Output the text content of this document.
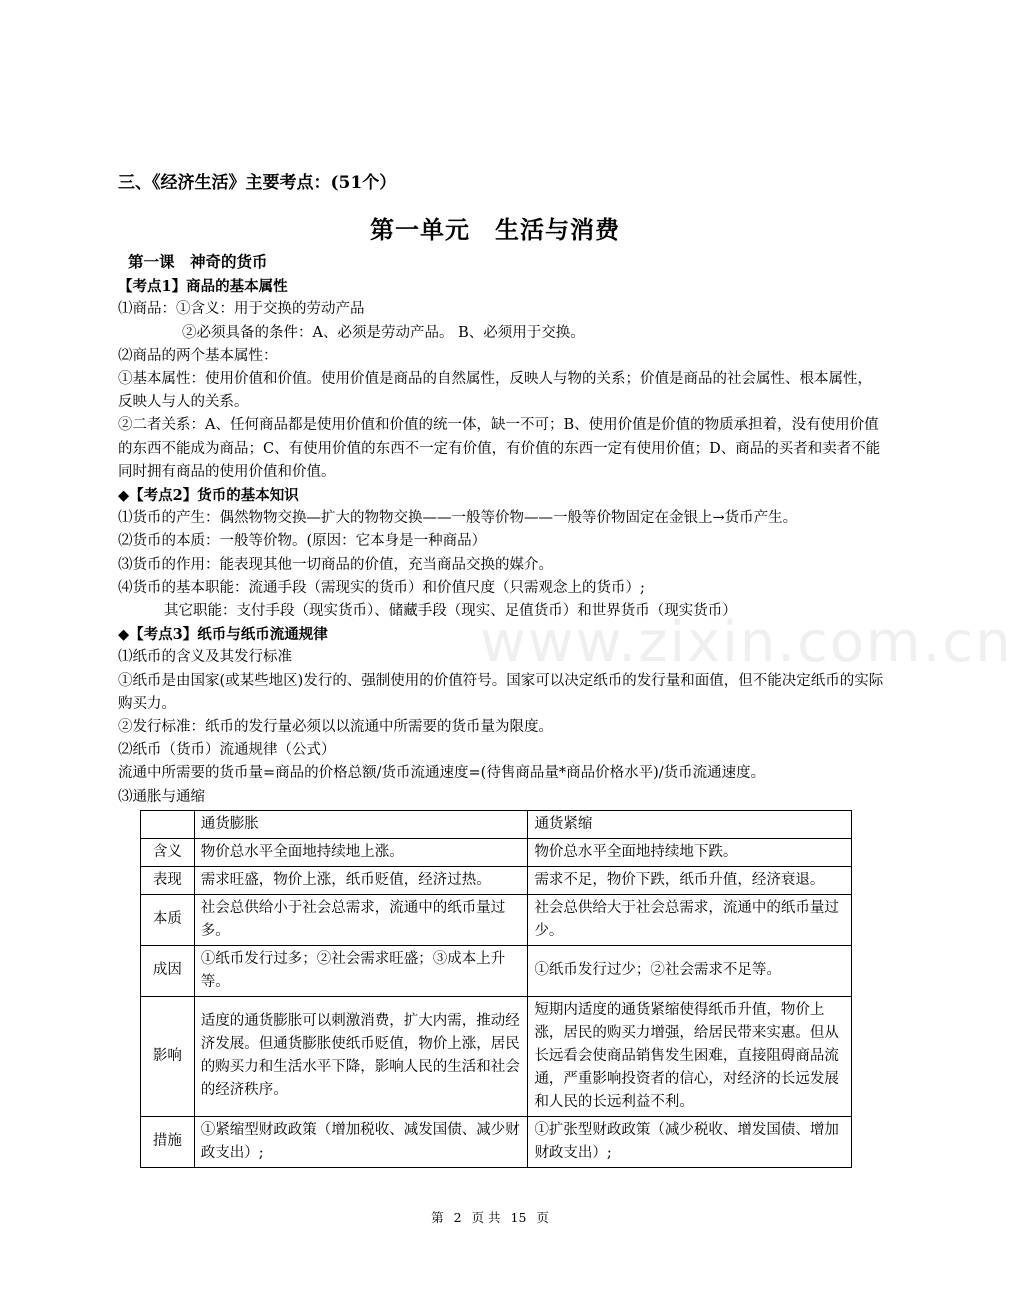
www.zixin.com.cn
三、《经济生活》主要考点：(51个）
第一单元　生活与消费

第一课　神奇的货币

【考点1】商品的基本属性

⑴商品：①含义：用于交换的劳动产品

②必须具备的条件：A、必须是劳动产品。 B、必须用于交换。

⑵商品的两个基本属性：

①基本属性：使用价值和价值。使用价值是商品的自然属性，反映人与物的关系；价值是商品的社会属性、根本属性，反映人与人的关系。

②二者关系：A、任何商品都是使用价值和价值的统一体，缺一不可；B、使用价值是价值的物质承担着，没有使用价值的东西不能成为商品；C、有使用价值的东西不一定有价值，有价值的东西一定有使用价值；D、商品的买者和卖者不能同时拥有商品的使用价值和价值。

◆【考点2】货币的基本知识

⑴货币的产生：偶然物物交换—扩大的物物交换——一般等价物——一般等价物固定在金银上→货币产生。

⑵货币的本质：一般等价物。(原因：它本身是一种商品）

⑶货币的作用：能表现其他一切商品的价值，充当商品交换的媒介。

⑷货币的基本职能：流通手段（需现实的货币）和价值尺度（只需观念上的货币）;

其它职能：支付手段（现实货币）、储藏手段（现实、足值货币）和世界货币（现实货币）

◆【考点3】纸币与纸币流通规律

⑴纸币的含义及其发行标准

①纸币是由国家(或某些地区)发行的、强制使用的价值符号。国家可以决定纸币的发行量和面值，但不能决定纸币的实际购买力。

②发行标准：纸币的发行量必须以以流通中所需要的货币量为限度。

⑵纸币（货币）流通规律（公式）

流通中所需要的货币量=商品的价格总额/货币流通速度=(待售商品量*商品价格水平)/货币流通速度。

⑶通胀与通缩

	通货膨胀	通货紧缩
含义	物价总水平全面地持续地上涨。	物价总水平全面地持续地下跌。
表现	需求旺盛，物价上涨，纸币贬值，经济过热。	需求不足，物价下跌，纸币升值，经济衰退。
本质	社会总供给小于社会总需求，流通中的纸币量过多。	社会总供给大于社会总需求，流通中的纸币量过少。
成因	①纸币发行过多；②社会需求旺盛；③成本上升等。	①纸币发行过少；②社会需求不足等。
影响	适度的通货膨胀可以刺激消费，扩大内需，推动经济发展。但通货膨胀使纸币贬值，物价上涨，居民的购买力和生活水平下降，影响人民的生活和社会的经济秩序。	短期内适度的通货紧缩使得纸币升值，物价上涨，居民的购买力增强，给居民带来实惠。但从长远看会使商品销售发生困难，直接阻碍商品流通，严重影响投资者的信心，对经济的长远发展和人民的长远利益不利。
措施	①紧缩型财政政策（增加税收、减发国债、减少财政支出）;	①扩张型财政政策（减少税收、增发国债、增加财政支出）;
第 2 页 共 15 页
